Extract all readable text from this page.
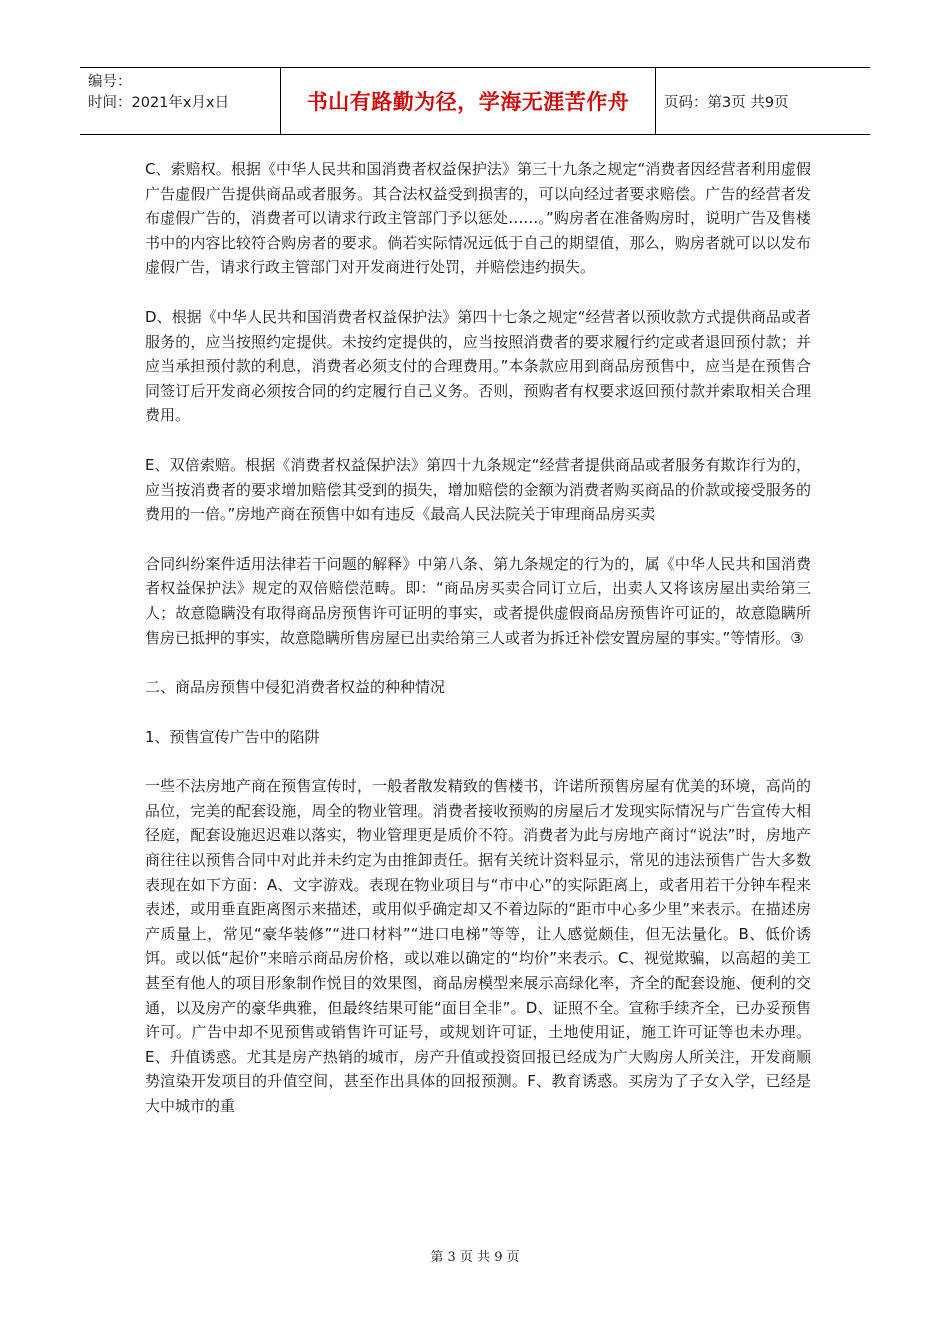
编号：
时间：2021年x月x日	书山有路勤为径，学海无涯苦作舟 页码：第3页 共9页

C、索赔权。根据《中华人民共和国消费者权益保护法》第三十九条之规定“消费者因经营者利用虚假广告虚假广告提供商品或者服务。其合法权益受到损害的，可以向经过者要求赔偿。广告的经营者发布虚假广告的，消费者可以请求行政主管部门予以惩处……。”购房者在准备购房时，说明广告及售楼书中的内容比较符合购房者的要求。倘若实际情况远低于自己的期望值，那么，购房者就可以以发布虚假广告，请求行政主管部门对开发商进行处罚，并赔偿违约损失。

D、根据《中华人民共和国消费者权益保护法》第四十七条之规定“经营者以预收款方式提供商品或者服务的，应当按照约定提供。未按约定提供的，应当按照消费者的要求履行约定或者退回预付款；并应当承担预付款的利息，消费者必须支付的合理费用。”本条款应用到商品房预售中，应当是在预售合同签订后开发商必须按合同的约定履行自己义务。否则，预购者有权要求返回预付款并索取相关合理费用。

E、双倍索赔。根据《消费者权益保护法》第四十九条规定“经营者提供商品或者服务有欺诈行为的，应当按消费者的要求增加赔偿其受到的损失，增加赔偿的金额为消费者购买商品的价款或接受服务的费用的一倍。”房地产商在预售中如有违反《最高人民法院关于审理商品房买卖

合同纠纷案件适用法律若干问题的解释》中第八条、第九条规定的行为的，属《中华人民共和国消费者权益保护法》规定的双倍赔偿范畴。即：“商品房买卖合同订立后，出卖人又将该房屋出卖给第三人；故意隐瞒没有取得商品房预售许可证明的事实，或者提供虚假商品房预售许可证的，故意隐瞒所售房已抵押的事实，故意隐瞒所售房屋已出卖给第三人或者为拆迁补偿安置房屋的事实。”等情形。③

二、商品房预售中侵犯消费者权益的种种情况

1、预售宣传广告中的陷阱

一些不法房地产商在预售宣传时，一般者散发精致的售楼书，许诺所预售房屋有优美的环境，高尚的品位，完美的配套设施，周全的物业管理。消费者接收预购的房屋后才发现实际情况与广告宣传大相径庭，配套设施迟迟难以落实，物业管理更是质价不符。消费者为此与房地产商讨“说法”时，房地产商往往以预售合同中对此并未约定为由推卸责任。据有关统计资料显示，常见的违法预售广告大多数表现在如下方面：A、文字游戏。表现在物业项目与“市中心”的实际距离上，或者用若干分钟车程来表述，或用垂直距离图示来描述，或用似乎确定却又不着边际的“距市中心多少里”来表示。在描述房产质量上，常见“豪华装修”“进口材料”“进口电梯”等等，让人感觉颇佳，但无法量化。B、低价诱饵。或以低“起价”来暗示商品房价格，或以难以确定的“均价”来表示。C、视觉欺骗，以高超的美工甚至有他人的项目形象制作悦目的效果图，商品房模型来展示高绿化率，齐全的配套设施、便利的交通，以及房产的豪华典雅，但最终结果可能“面目全非”。D、证照不全。宣称手续齐全，已办妥预售许可。广告中却不见预售或销售许可证号，或规划许可证，土地使用证，施工许可证等也未办理。E、升值诱惑。尤其是房产热销的城市，房产升值或投资回报已经成为广大购房人所关注，开发商顺势渲染开发项目的升值空间，甚至作出具体的回报预测。F、教育诱惑。买房为了子女入学，已经是大中城市的重

第 3 页 共 9 页
